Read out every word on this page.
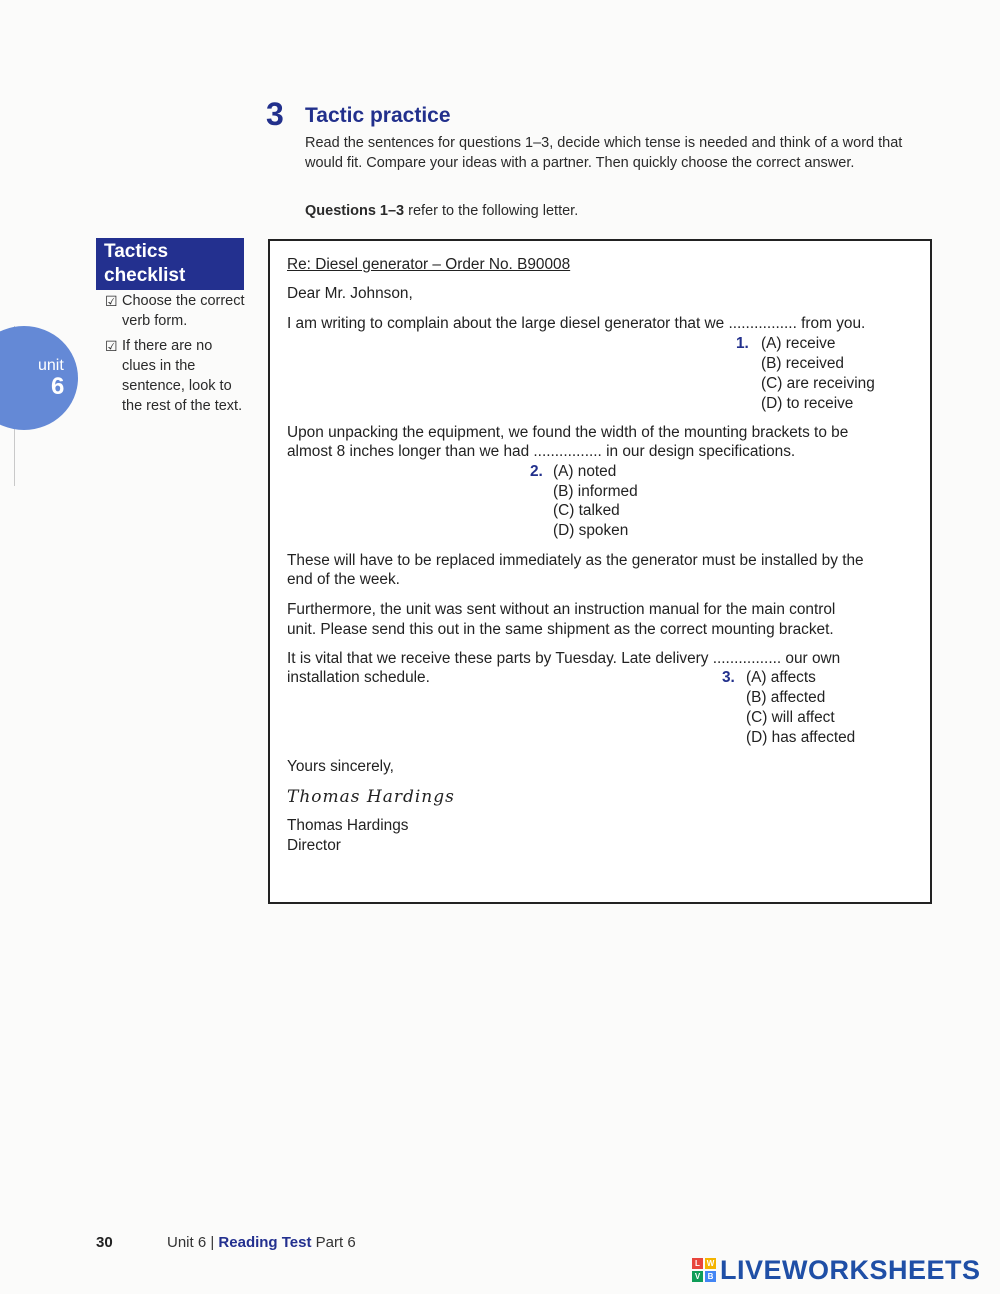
unit
6
3 Tactic practice
Read the sentences for questions 1–3, decide which tense is needed and think of a word that would fit. Compare your ideas with a partner. Then quickly choose the correct answer.
Questions 1–3 refer to the following letter.
Tactics checklist
☑ Choose the correct verb form.
☑ If there are no clues in the sentence, look to the rest of the text.
Re: Diesel generator – Order No. B90008
Dear Mr. Johnson,
I am writing to complain about the large diesel generator that we ................ from you.
1. (A) receive
(B) received
(C) are receiving
(D) to receive
Upon unpacking the equipment, we found the width of the mounting brackets to be
almost 8 inches longer than we had ................ in our design specifications.
2. (A) noted
(B) informed
(C) talked
(D) spoken
These will have to be replaced immediately as the generator must be installed by the
end of the week.
Furthermore, the unit was sent without an instruction manual for the main control
unit. Please send this out in the same shipment as the correct mounting bracket.
It is vital that we receive these parts by Tuesday. Late delivery ................ our own
installation schedule.	3. (A) affects
(B) affected
(C) will affect
(D) has affected
Yours sincerely,
Thomas Hardings
Thomas Hardings
Director
30	Unit 6 | Reading Test Part 6
L W
V B LIVEWORKSHEETS
